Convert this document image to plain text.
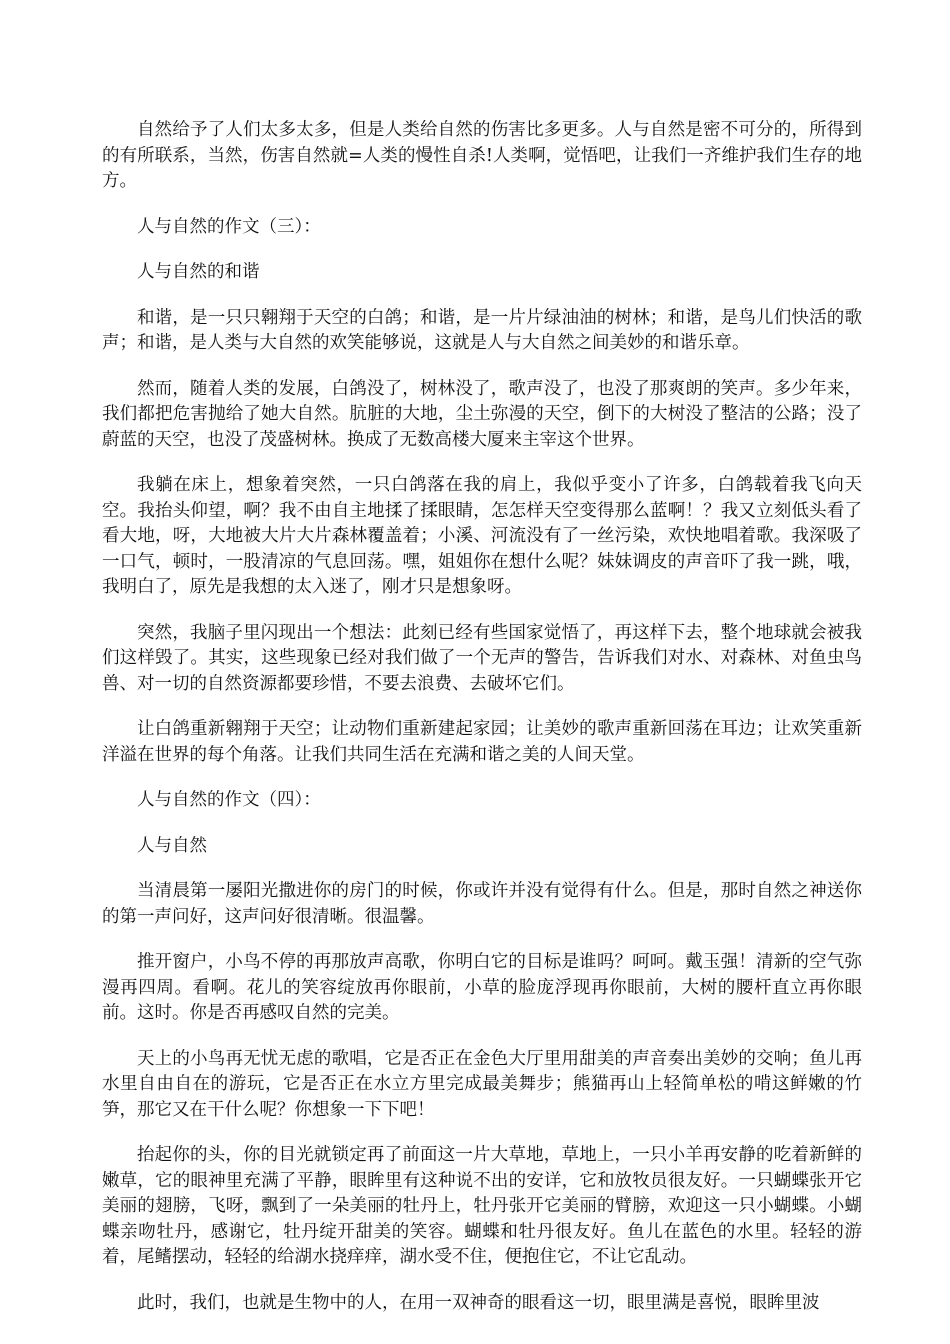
自然给予了人们太多太多，但是人类给自然的伤害比多更多。人与自然是密不可分的，所得到的有所联系，当然，伤害自然就=人类的慢性自杀!人类啊，觉悟吧，让我们一齐维护我们生存的地方。

人与自然的作文（三）：

人与自然的和谐

和谐，是一只只翱翔于天空的白鸽；和谐，是一片片绿油油的树林；和谐，是鸟儿们快活的歌声；和谐，是人类与大自然的欢笑能够说，这就是人与大自然之间美妙的和谐乐章。

然而，随着人类的发展，白鸽没了，树林没了，歌声没了，也没了那爽朗的笑声。多少年来，我们都把危害抛给了她大自然。肮脏的大地，尘土弥漫的天空，倒下的大树没了整洁的公路；没了蔚蓝的天空，也没了茂盛树林。换成了无数高楼大厦来主宰这个世界。

我躺在床上，想象着突然，一只白鸽落在我的肩上，我似乎变小了许多，白鸽载着我飞向天空。我抬头仰望，啊？我不由自主地揉了揉眼睛，怎怎样天空变得那么蓝啊！？我又立刻低头看了看大地，呀，大地被大片大片森林覆盖着；小溪、河流没有了一丝污染，欢快地唱着歌。我深吸了一口气，顿时，一股清凉的气息回荡。嘿，姐姐你在想什么呢？妹妹调皮的声音吓了我一跳，哦，我明白了，原先是我想的太入迷了，刚才只是想象呀。

突然，我脑子里闪现出一个想法：此刻已经有些国家觉悟了，再这样下去，整个地球就会被我们这样毁了。其实，这些现象已经对我们做了一个无声的警告，告诉我们对水、对森林、对鱼虫鸟兽、对一切的自然资源都要珍惜，不要去浪费、去破坏它们。

让白鸽重新翱翔于天空；让动物们重新建起家园；让美妙的歌声重新回荡在耳边；让欢笑重新洋溢在世界的每个角落。让我们共同生活在充满和谐之美的人间天堂。

人与自然的作文（四）：

人与自然

当清晨第一屡阳光撒进你的房门的时候，你或许并没有觉得有什么。但是，那时自然之神送你的第一声问好，这声问好很清晰。很温馨。

推开窗户，小鸟不停的再那放声高歌，你明白它的目标是谁吗？呵呵。戴玉强！清新的空气弥漫再四周。看啊。花儿的笑容绽放再你眼前，小草的脸庞浮现再你眼前，大树的腰杆直立再你眼前。这时。你是否再感叹自然的完美。

天上的小鸟再无忧无虑的歌唱，它是否正在金色大厅里用甜美的声音奏出美妙的交响；鱼儿再水里自由自在的游玩，它是否正在水立方里完成最美舞步；熊猫再山上轻简单松的啃这鲜嫩的竹笋，那它又在干什么呢？你想象一下下吧！

抬起你的头，你的目光就锁定再了前面这一片大草地，草地上，一只小羊再安静的吃着新鲜的嫩草，它的眼神里充满了平静，眼眸里有这种说不出的安详，它和放牧员很友好。一只蝴蝶张开它美丽的翅膀，飞呀，飘到了一朵美丽的牡丹上，牡丹张开它美丽的臂膀，欢迎这一只小蝴蝶。小蝴蝶亲吻牡丹，感谢它，牡丹绽开甜美的笑容。蝴蝶和牡丹很友好。鱼儿在蓝色的水里。轻轻的游着，尾鳍摆动，轻轻的给湖水挠痒痒，湖水受不住，便抱住它，不让它乱动。

此时，我们，也就是生物中的人，在用一双神奇的眼看这一切，眼里满是喜悦，眼眸里波
